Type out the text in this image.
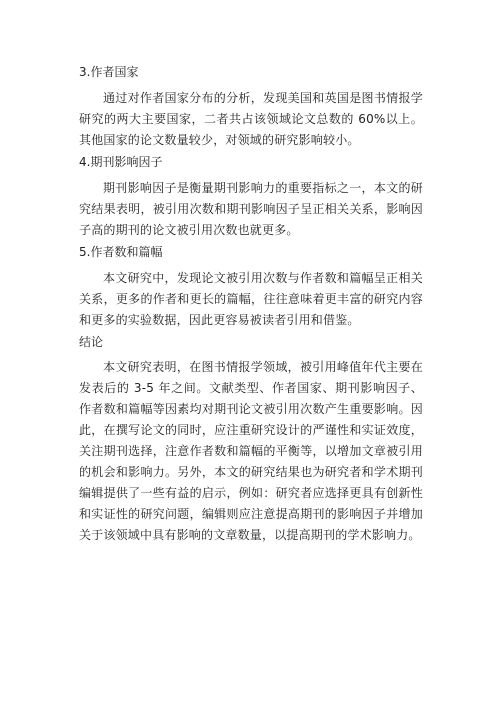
3.作者国家

通过对作者国家分布的分析，发现美国和英国是图书情报学研究的两大主要国家，二者共占该领域论文总数的 60%以上。其他国家的论文数量较少，对领域的研究影响较小。

4.期刊影响因子

期刊影响因子是衡量期刊影响力的重要指标之一，本文的研究结果表明，被引用次数和期刊影响因子呈正相关关系，影响因子高的期刊的论文被引用次数也就更多。

5.作者数和篇幅

本文研究中，发现论文被引用次数与作者数和篇幅呈正相关关系，更多的作者和更长的篇幅，往往意味着更丰富的研究内容和更多的实验数据，因此更容易被读者引用和借鉴。

结论

本文研究表明，在图书情报学领域，被引用峰值年代主要在发表后的 3-5 年之间。文献类型、作者国家、期刊影响因子、作者数和篇幅等因素均对期刊论文被引用次数产生重要影响。因此，在撰写论文的同时，应注重研究设计的严谨性和实证效度，关注期刊选择，注意作者数和篇幅的平衡等，以增加文章被引用的机会和影响力。另外，本文的研究结果也为研究者和学术期刊编辑提供了一些有益的启示，例如：研究者应选择更具有创新性和实证性的研究问题，编辑则应注意提高期刊的影响因子并增加关于该领域中具有影响的文章数量，以提高期刊的学术影响力。
